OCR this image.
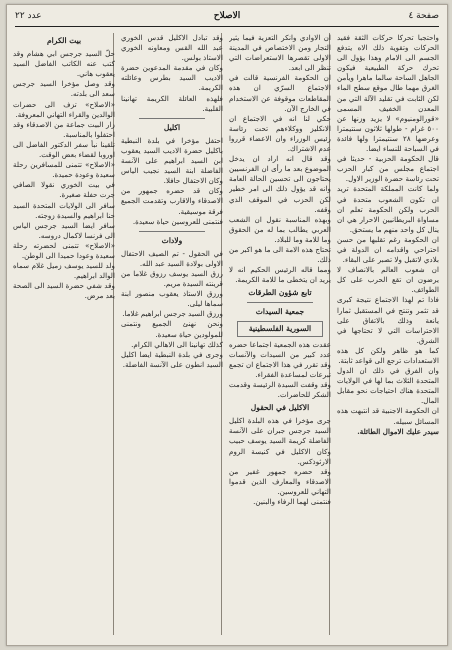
صفحة ٤
الاصلاح
عدد ٢٢

واحتجبا تحركا حركات الثقة فقيد الحركات وتقوية ذلك الاه يتدفع الجسم الى الامام وهذا يؤول الى تحرك حركة الطبيعية فيكون الجاهل الساحة سالما ماهرا ويأمن الغرق مهما طال موقع سطح الماء لكن الثابت في تقليد الآلة التي من المعدن الخفيف المسمى «قورالومنيوم» لا يزيد وزنها عن ٥٠٠ غرام - طولها ثلاثون سنتيمترا وعرضها ٢٨ سنتيمترا ولها فائدة في السباحة للنساء ايضا.

قال الحكومة الحزبية - حديثا في اجتماع مجلس من كبار الحزب تحت رئاسة حضرة الوزير الاول.

ولما كانت المملكة المتحدة تريد ان تكون الشعوب متحدة في الحرب ولكن الحكومة تعلم ان مساواة البريطانيين الاحرار هي ان ينال كل واحد منهم ما يستحق.

ان الحكومة رغم تقلبها من حسن احتراحي واقدامه ان الدولة في بلادي لاتقبل ولا تصبر على البقاء.

ان شعوب العالم بالانصاف لا يرضون ان تقع الحرب على كل الطوائف.

فاذا تم لهذا الاجتماع نتيجة كبرى قد تثمر وتنتج في المستقبل ثمارا يانعة وذلك بالاتفاق على الاحتراسات التي لا تحتاجها في الشرق.

كما هو ظاهر ولكن كل هذه الاستعدادات ترجع الى قواعد ثابتة.

وان الفرق في ذلك ان الدول المتحدة الثلاث بما لها في الولايات المتحدة هناك احتياجات نحو مقابل المال.

ان الحكومة الاجنبية قد انتبهت هذه المسائل سبيله.

سيدر عليك الاموال الطائلة.

ان الاوادي وانكر التعزية فيما يثير التجار ومن الاختصاص في المدينة الاولى تقصرها الاستعراضات التي تنظر الى ابعد.

ان الحكومة الفرنسية قالت في الاجتماع السرّي ان هذه المقاطعات موقوفة عن الاستخدام في الخارج الآن.

حكي لنا انه في الاجتماع ان الانكليز ووكلاءهم تحت رئاسة رئيس الوزراء وان الاعضاء قرروا عدم الاشتراك.

وقد قال انه اراد ان يدخل الموضوع بعد ما رأى ان الفرنسيين يحتاجون الى تحسين الحالة العامة وانه قد يؤول ذلك الى امر خطير لكن الحزب في الموقف الذي وقفه.

وبهذه المناسبة نقول ان الشعب العربي يطالب بما له من الحقوق وما للامة وما للبلاد.

تحتاج هذه الامة الى ما هو اكبر من ذلك.

ومما قاله الرئيس الحكيم انه لا يريد ان يتخطى ما للامة الكريمة.

تابع شؤون الطرقات
جمعية السيدات
السورية الفلسطينية

عقدت هذه الجمعية اجتماعا حضره عدد كبير من السيدات والآنسات وقد تقرر في هذا الاجتماع ان تجمع تبرعات لمساعدة الفقراء.

وقد وقفت السيدة الرئيسة وقدمت الشكر للحاضرات.

الاكليل في الحقول

جرى مؤخرا في هذه البلدة اكليل السيد جرجس جبران على الآنسة الفاضلة كريمة السيد يوسف حبيب وكان الاكليل في كنيسة الروم الارثوذكس.

وقد حضره جمهور غفير من الاصدقاء والمعارف الذين قدموا التهاني للعروسين.

فنتمنى لهما الرفاء والبنين.

وقد تبادل الاكليل قدس الخوري عبد الله القس ومعاونه الخوري الاستاذ بولس.

وكان في مقدمة المدعوين حضرة الاديب السيد بطرس وعائلته الكريمة.

فلهذه العائلة الكريمة تهانينا القلبية.

اكليل

احتفل مؤخرا في بلدة النبطية باكليل حضرة الاديب السيد يعقوب ابن السيد ابراهيم على الآنسة الفاضلة ابنة السيد نجيب الياس وكان الاحتفال حافلا.

وكان قد حضره جمهور من الاصدقاء والاقارب وتقدمت الجميع فرقة موسيقية.

فنتمنى للعروسين حياة سعيدة.

ولادات

في الحقول - تم الصيف الاحتفال الاولى بولادة السيد عبد الله.

رزق السيد يوسف رزوق غلاما من قرينته السيدة مريم.

ورزق الاستاذ يعقوب منصور ابنة سماها ليلى.

ورزق السيد جرجس ابراهيم غلاما.

ونحن نهنئ الجميع ونتمنى للمولودين حياة سعيدة.

كذلك تهانينا الى الاهالي الكرام.

وجرى في بلدة النبطية ايضا اكليل السيد انطون على الآنسة الفاضلة.

بيت الكرام

حلّ السيد جرجس ابي هشام وقد كتب عنه الكاتب الفاضل السيد يعقوب هاني.

وقد وصل مؤخرا السيد جرجس سعد الى بلدته.

«الاصلاح» تزف الى حضرات الوالدين والقراء التهاني المعروفة.

زار البيت جماعة من الاصدقاء وقد احتفلوا بالمناسبة.

تلقينا نبأ سفر الدكتور الفاضل الى اوروبا لقضاء بعض الوقت.

«الاصلاح» تتمنى للمسافرين رحلة سعيدة وعودة حميدة.

في بيت الخوري نقولا الصافي جرت حفلة صغيرة.

سافر الى الولايات المتحدة السيد حنا ابراهيم والسيدة زوجته.

سافر ايضا السيد جرجس الياس الى فرنسا لاكمال دروسه.

«الاصلاح» تتمنى لحضرته رحلة سعيدة وعودا حميدا الى الوطن.

ولد للسيد يوسف زميل غلام سماه الوالد ابراهيم.

وقد شفي حضرة السيد الى الصحة بعد مرض.
